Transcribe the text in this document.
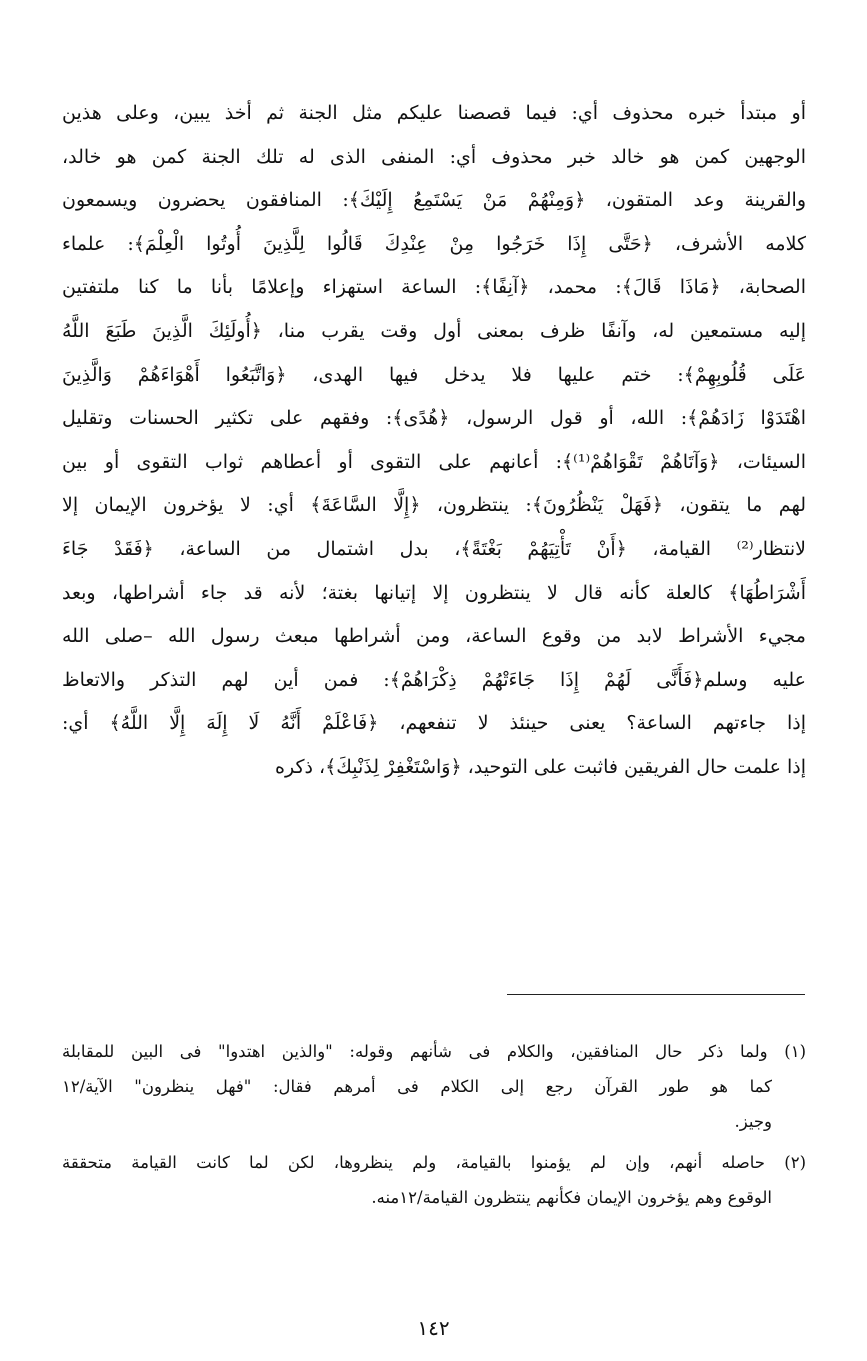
أو مبتدأ خبره محذوف أي: فيما قصصنا عليكم مثل الجنة ثم أخذ يبين، وعلى هذين
الوجهين كمن هو خالد خبر محذوف أي: المنفى الذى له تلك الجنة كمن هو خالد،
والقرينة وعد المتقون، ﴿وَمِنْهُمْ مَنْ يَسْتَمِعُ إِلَيْكَ﴾: المنافقون يحضرون ويسمعون
كلامه الأشرف، ﴿حَتَّى إِذَا خَرَجُوا مِنْ عِنْدِكَ قَالُوا لِلَّذِينَ أُوتُوا الْعِلْمَ﴾: علماء
الصحابة، ﴿مَاذَا قَالَ﴾: محمد، ﴿آنِفًا﴾: الساعة استهزاء وإعلامًا بأنا ما كنا ملتفتين
إليه مستمعين له، وآنفًا ظرف بمعنى أول وقت يقرب منا، ﴿أُولَئِكَ الَّذِينَ طَبَعَ اللَّهُ
عَلَى قُلُوبِهِمْ﴾: ختم عليها فلا يدخل فيها الهدى، ﴿وَاتَّبَعُوا أَهْوَاءَهُمْ وَالَّذِينَ
اهْتَدَوْا زَادَهُمْ﴾: الله، أو قول الرسول، ﴿هُدًى﴾: وفقهم على تكثير الحسنات وتقليل
السيئات، ﴿وَآتَاهُمْ تَقْوَاهُمْ⁽¹⁾﴾: أعانهم على التقوى أو أعطاهم ثواب التقوى أو بين
لهم ما يتقون، ﴿فَهَلْ يَنْظُرُونَ﴾: ينتظرون، ﴿إِلَّا السَّاعَةَ﴾ أي: لا يؤخرون الإيمان إلا
لانتظار⁽²⁾ القيامة، ﴿أَنْ تَأْتِيَهُمْ بَغْتَةً﴾، بدل اشتمال من الساعة، ﴿فَقَدْ جَاءَ
أَشْرَاطُهَا﴾ كالعلة كأنه قال لا ينتظرون إلا إتيانها بغتة؛ لأنه قد جاء أشراطها، وبعد
مجيء الأشراط لابد من وقوع الساعة، ومن أشراطها مبعث رسول الله –صلى الله
عليه وسلم﴿فَأَنَّى لَهُمْ إِذَا جَاءَتْهُمْ ذِكْرَاهُمْ﴾: فمن أين لهم التذكر والاتعاظ
إذا جاءتهم الساعة؟ يعنى حينئذ لا تنفعهم، ﴿فَاعْلَمْ أَنَّهُ لَا إِلَهَ إِلَّا اللَّهُ﴾ أي:
إذا علمت حال الفريقين فاثبت على التوحيد، ﴿وَاسْتَغْفِرْ لِذَنْبِكَ﴾، ذكره
(١) ولما ذكر حال المنافقين، والكلام فى شأنهم وقوله: "والذين اهتدوا" فى البين للمقابلة
كما هو طور القرآن رجع إلى الكلام فى أمرهم فقال: "فهل ينظرون" الآية/١٢
وجيز.
(٢) حاصله أنهم، وإن لم يؤمنوا بالقيامة، ولم ينظروها، لكن لما كانت القيامة متحققة
الوقوع وهم يؤخرون الإيمان فكأنهم ينتظرون القيامة/١٢منه.
١٤٢
